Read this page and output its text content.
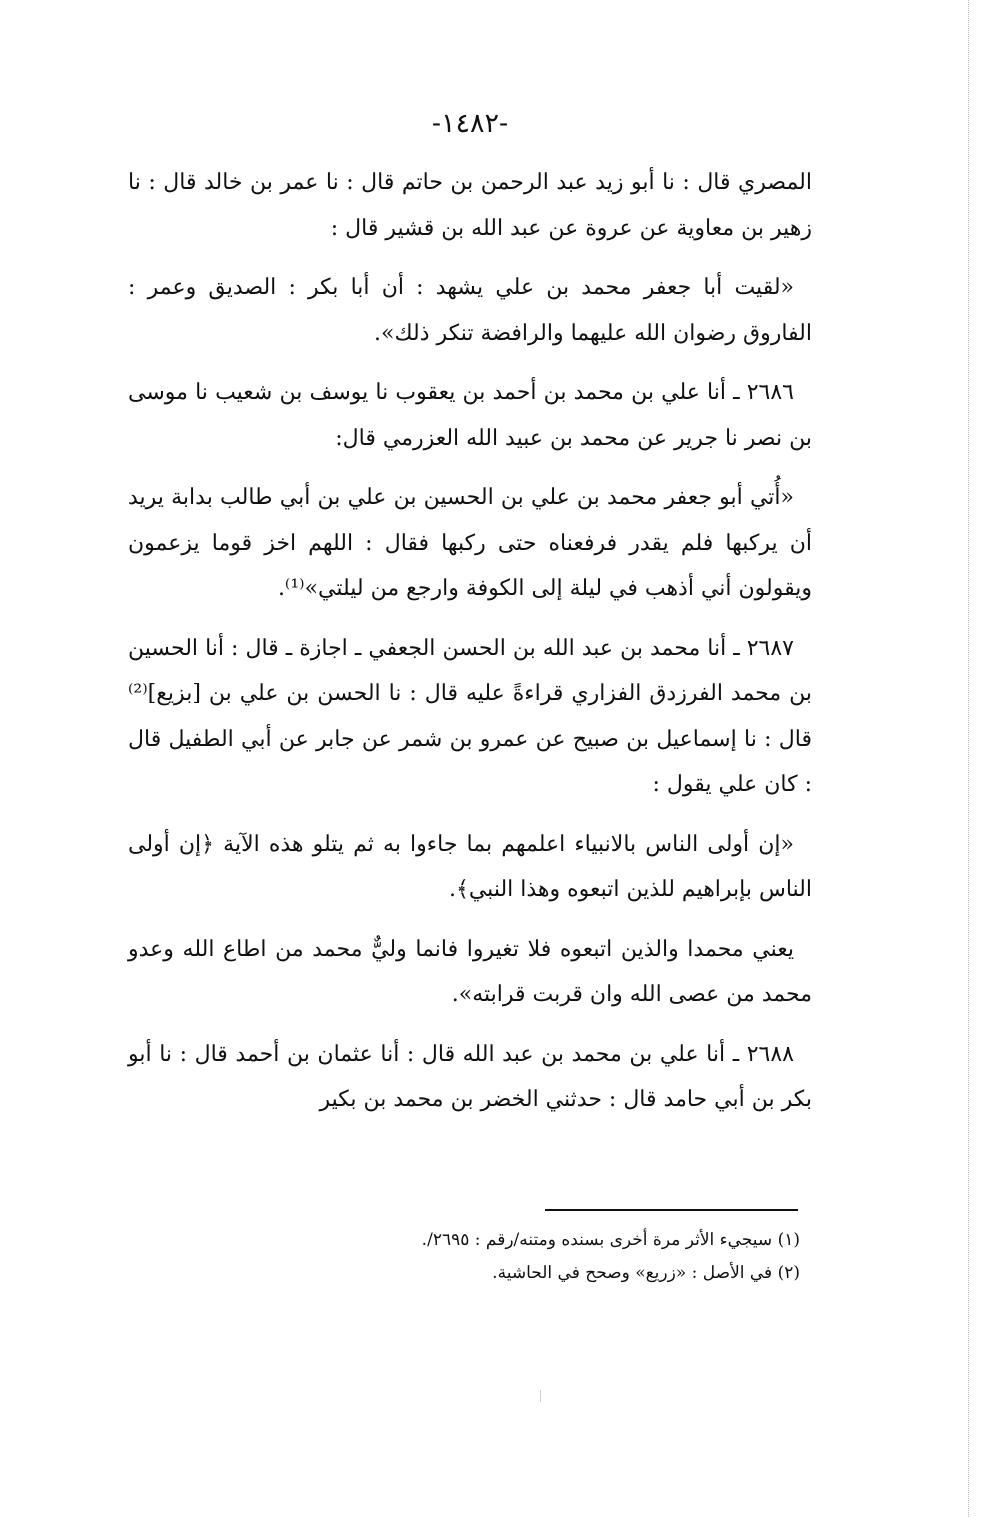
-١٤٨٢-

المصري قال : نا أبو زيد عبد الرحمن بن حاتم قال : نا عمر بن خالد قال : نا زهير بن معاوية عن عروة عن عبد الله بن قشير قال :

«لقيت أبا جعفر محمد بن علي يشهد : أن أبا بكر : الصديق وعمر : الفاروق رضوان الله عليهما والرافضة تنكر ذلك».

٢٦٨٦ ـ أنا علي بن محمد بن أحمد بن يعقوب نا يوسف بن شعيب نا موسى بن نصر نا جرير عن محمد بن عبيد الله العزرمي قال:

«أُتي أبو جعفر محمد بن علي بن الحسين بن علي بن أبي طالب بدابة يريد أن يركبها فلم يقدر فرفعناه حتى ركبها فقال : اللهم اخز قوما يزعمون ويقولون أني أذهب في ليلة إلى الكوفة وارجع من ليلتي»⁽¹⁾.

٢٦٨٧ ـ أنا محمد بن عبد الله بن الحسن الجعفي ـ اجازة ـ قال : أنا الحسين بن محمد الفرزدق الفزاري قراءةً عليه قال : نا الحسن بن علي بن [بزيع]⁽²⁾ قال : نا إسماعيل بن صبيح عن عمرو بن شمر عن جابر عن أبي الطفيل قال : كان علي يقول :

«إن أولى الناس بالانبياء اعلمهم بما جاءوا به ثم يتلو هذه الآية ﴿إن أولى الناس بإبراهيم للذين اتبعوه وهذا النبي﴾.

يعني محمدا والذين اتبعوه فلا تغيروا فانما وليٌّ محمد من اطاع الله وعدو محمد من عصى الله وان قربت قرابته».

٢٦٨٨ ـ أنا علي بن محمد بن عبد الله قال : أنا عثمان بن أحمد قال : نا أبو بكر بن أبي حامد قال : حدثني الخضر بن محمد بن بكير

(١) سيجيء الأثر مرة أخرى بسنده ومتنه/رقم : ٢٦٩٥/.

(٢) في الأصل : «زريع» وصحح في الحاشية.
